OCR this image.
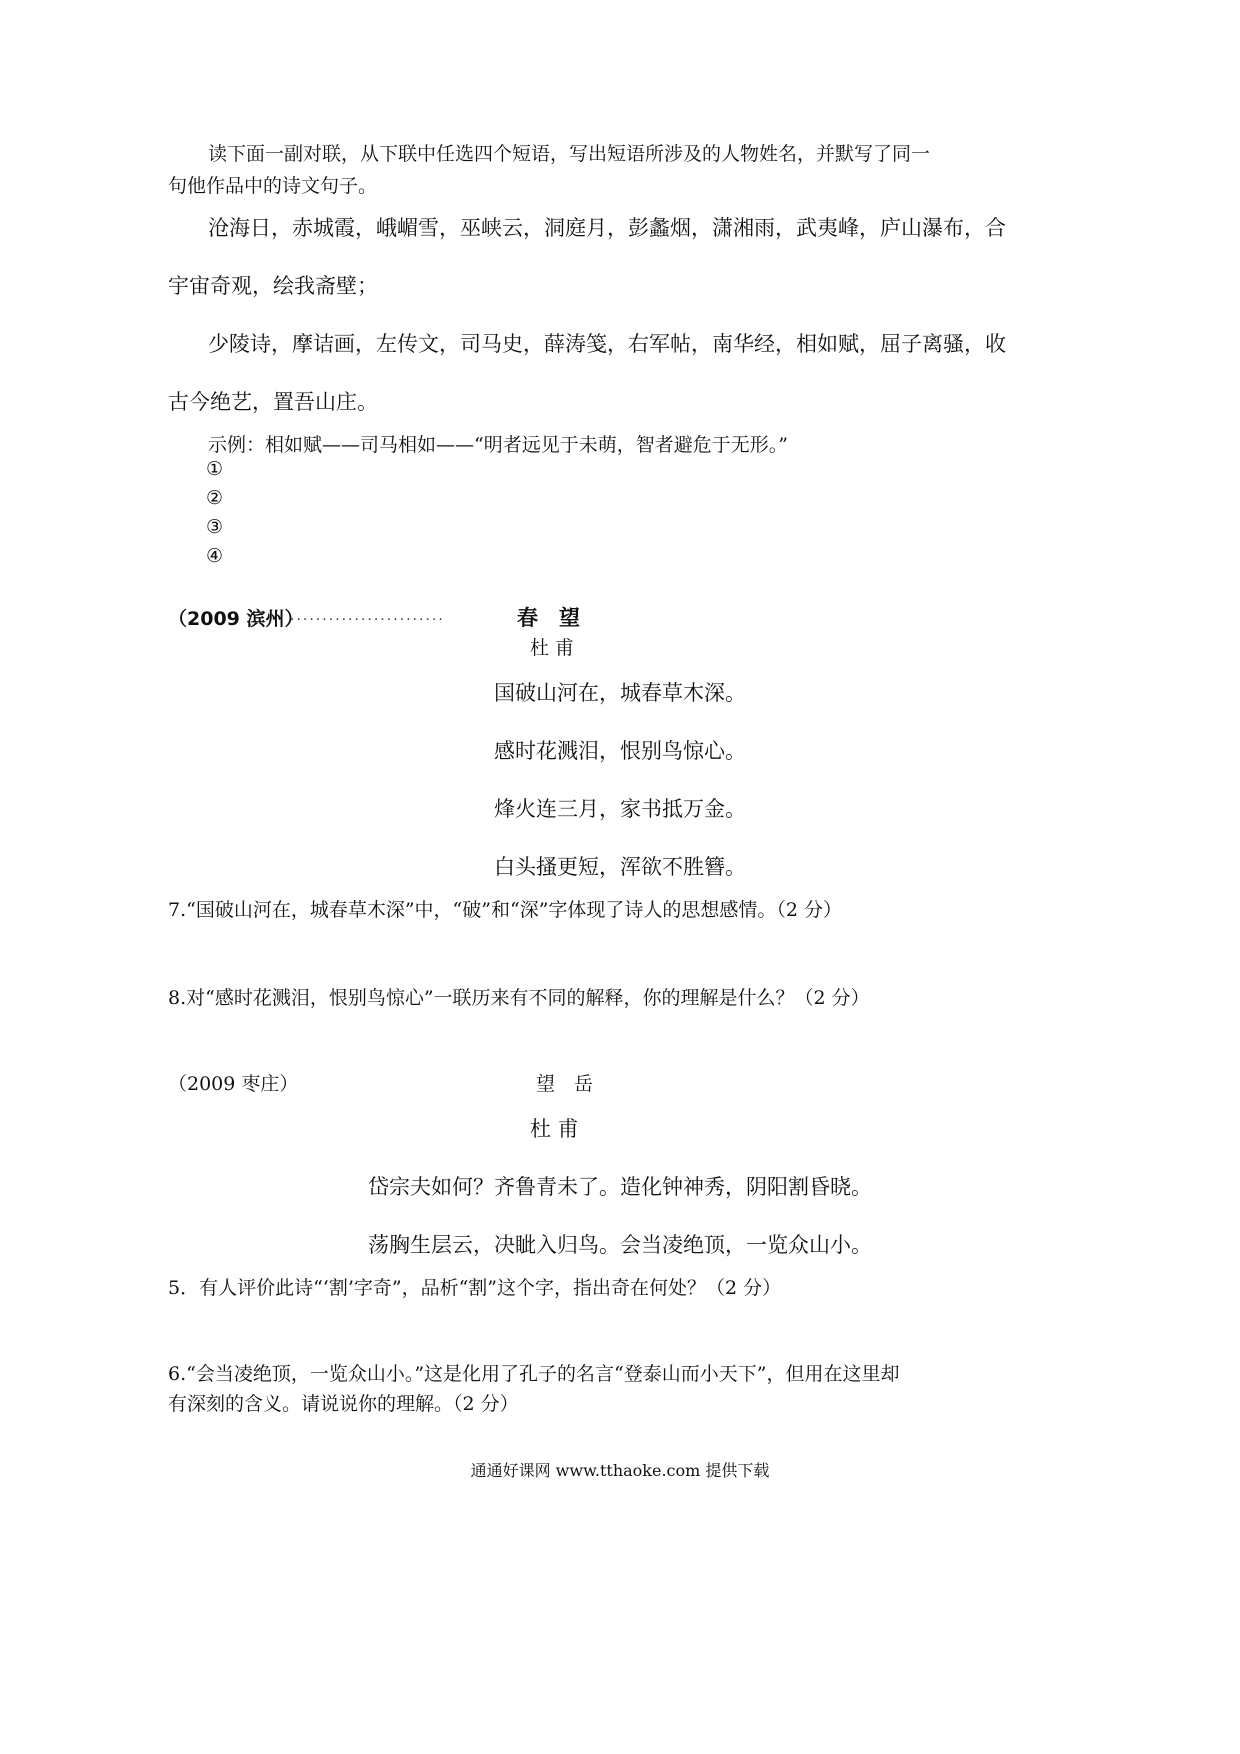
读下面一副对联，从下联中任选四个短语，写出短语所涉及的人物姓名，并默写了同一
句他作品中的诗文句子。
沧海日，赤城霞，峨嵋雪，巫峡云，洞庭月，彭蠡烟，潇湘雨，武夷峰，庐山瀑布，合
宇宙奇观，绘我斋壁；
少陵诗，摩诘画，左传文，司马史，薛涛笺，右军帖，南华经，相如赋，屈子离骚，收
古今绝艺，置吾山庄。
示例：相如赋——司马相如——“明者远见于未萌，智者避危于无形。”
①
②
③
④
（2009 滨州）
........................	春　望
杜 甫
国破山河在，城春草木深。
感时花溅泪，恨别鸟惊心。
烽火连三月，家书抵万金。
白头搔更短，浑欲不胜簪。
7.“国破山河在，城春草木深”中，“破”和“深”字体现了诗人的思想感情。（2 分）
8.对“感时花溅泪，恨别鸟惊心”一联历来有不同的解释，你的理解是什么？（2 分）
（2009 枣庄）	望　岳
杜 甫
岱宗夫如何？齐鲁青未了。造化钟神秀，阴阳割昏晓。
荡胸生层云，决眦入归鸟。会当凌绝顶，一览众山小。
5．有人评价此诗“‘割’字奇”，品析“割”这个字，指出奇在何处？（2 分）
6.“会当凌绝顶，一览众山小。”这是化用了孔子的名言“登泰山而小天下”，但用在这里却
有深刻的含义。请说说你的理解。（2 分）
通通好课网 www.tthaoke.com 提供下载
